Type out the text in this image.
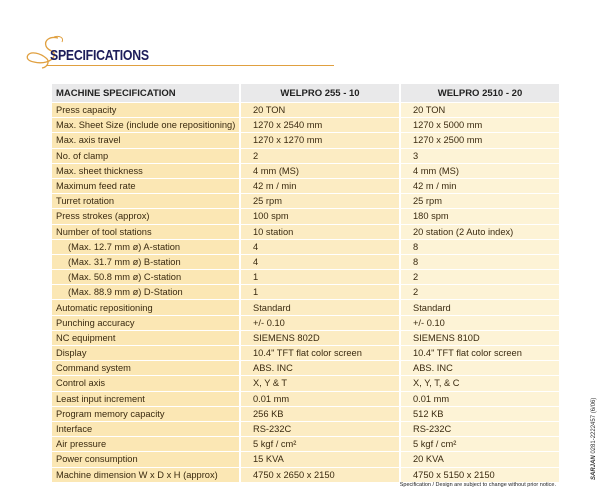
SPECIFICATIONS
MACHINE SPECIFICATION	WELPRO 255 - 10	WELPRO 2510 - 20
Press capacity	20 TON	20 TON
Max. Sheet Size (include one repositioning)	1270 x 2540 mm	1270 x 5000 mm
Max. axis travel	1270 x 1270 mm	1270 x 2500 mm
No. of clamp	2	3
Max. sheet thickness	4 mm (MS)	4 mm (MS)
Maximum feed rate	42 m / min	42 m / min
Turret rotation	25 rpm	25 rpm
Press strokes (approx)	100 spm	180 spm
Number of tool stations	10 station	20 station (2 Auto index)
(Max. 12.7 mm ø) A-station	4	8
(Max. 31.7 mm ø) B-station	4	8
(Max. 50.8 mm ø) C-station	1	2
(Max. 88.9 mm ø) D-Station	1	2
Automatic repositioning	Standard	Standard
Punching accuracy	+/- 0.10	+/- 0.10
NC equipment	SIEMENS 802D	SIEMENS 810D
Display	10.4" TFT flat color screen	10.4" TFT flat color screen
Command system	ABS. INC	ABS. INC
Control axis	X, Y & T	X, Y, T, & C
Least input increment	0.01 mm	0.01 mm
Program memory capacity	256 KB	512 KB
Interface	RS-232C	RS-232C
Air pressure	5 kgf / cm²	5 kgf / cm²
Power consumption	15 KVA	20 KVA
Machine dimension W x D x H (approx)	4750 x 2650 x 2150	4750 x 5150 x 2150
Specification / Design are subject to change without prior notice.
SARJAN 0281-2222457 (6/06)
